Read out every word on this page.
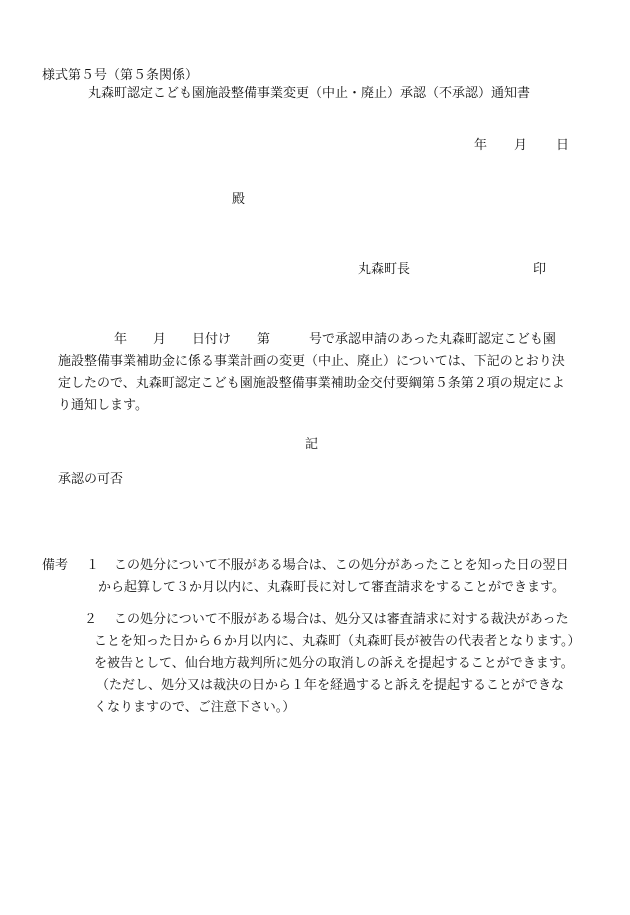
様式第５号（第５条関係）
丸森町認定こども園施設整備事業変更（中止・廃止）承認（不承認）通知書
年 月 日
殿
丸森町長	印
年　　月　　日付け　　第　　　号で承認申請のあった丸森町認定こども園
施設整備事業補助金に係る事業計画の変更（中止、廃止）については、下記のとおり決
定したので、丸森町認定こども園施設整備事業補助金交付要綱第５条第２項の規定によ
り通知します。
記
承認の可否
備考 １ この処分について不服がある場合は、この処分があったことを知った日の翌日
から起算して３か月以内に、丸森町長に対して審査請求をすることができます。
２	この処分について不服がある場合は、処分又は審査請求に対する裁決があった
ことを知った日から６か月以内に、丸森町（丸森町長が被告の代表者となります。）
を被告として、仙台地方裁判所に処分の取消しの訴えを提起することができます。
（ただし、処分又は裁決の日から１年を経過すると訴えを提起することができな
くなりますので、ご注意下さい。）
